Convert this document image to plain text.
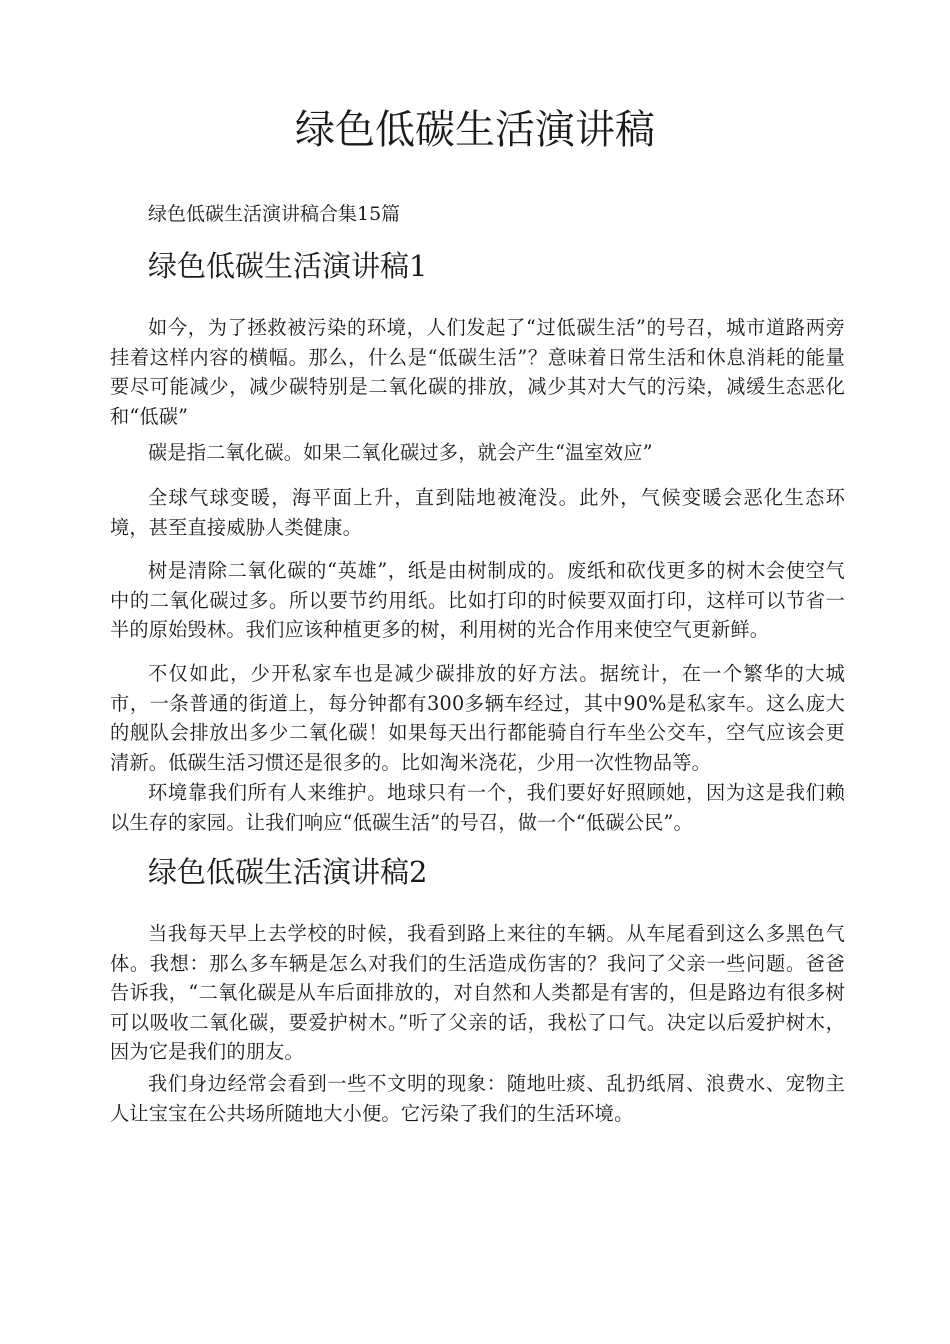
绿色低碳生活演讲稿

绿色低碳生活演讲稿合集15篇

绿色低碳生活演讲稿1

如今，为了拯救被污染的环境，人们发起了“过低碳生活”的号召，城市道路两旁挂着这样内容的横幅。那么，什么是“低碳生活”？意味着日常生活和休息消耗的能量要尽可能减少，减少碳特别是二氧化碳的排放，减少其对大气的污染，减缓生态恶化和“低碳”

碳是指二氧化碳。如果二氧化碳过多，就会产生“温室效应”

全球气球变暖，海平面上升，直到陆地被淹没。此外，气候变暖会恶化生态环境，甚至直接威胁人类健康。

树是清除二氧化碳的“英雄”，纸是由树制成的。废纸和砍伐更多的树木会使空气中的二氧化碳过多。所以要节约用纸。比如打印的时候要双面打印，这样可以节省一半的原始毁林。我们应该种植更多的树，利用树的光合作用来使空气更新鲜。

不仅如此，少开私家车也是减少碳排放的好方法。据统计，在一个繁华的大城市，一条普通的街道上，每分钟都有300多辆车经过，其中90%是私家车。这么庞大的舰队会排放出多少二氧化碳！如果每天出行都能骑自行车坐公交车，空气应该会更清新。低碳生活习惯还是很多的。比如淘米浇花，少用一次性物品等。

环境靠我们所有人来维护。地球只有一个，我们要好好照顾她，因为这是我们赖以生存的家园。让我们响应“低碳生活”的号召，做一个“低碳公民”。

绿色低碳生活演讲稿2

当我每天早上去学校的时候，我看到路上来往的车辆。从车尾看到这么多黑色气体。我想：那么多车辆是怎么对我们的生活造成伤害的？我问了父亲一些问题。爸爸告诉我，“二氧化碳是从车后面排放的，对自然和人类都是有害的，但是路边有很多树可以吸收二氧化碳，要爱护树木。”听了父亲的话，我松了口气。决定以后爱护树木，因为它是我们的朋友。

我们身边经常会看到一些不文明的现象：随地吐痰、乱扔纸屑、浪费水、宠物主人让宝宝在公共场所随地大小便。它污染了我们的生活环境。
